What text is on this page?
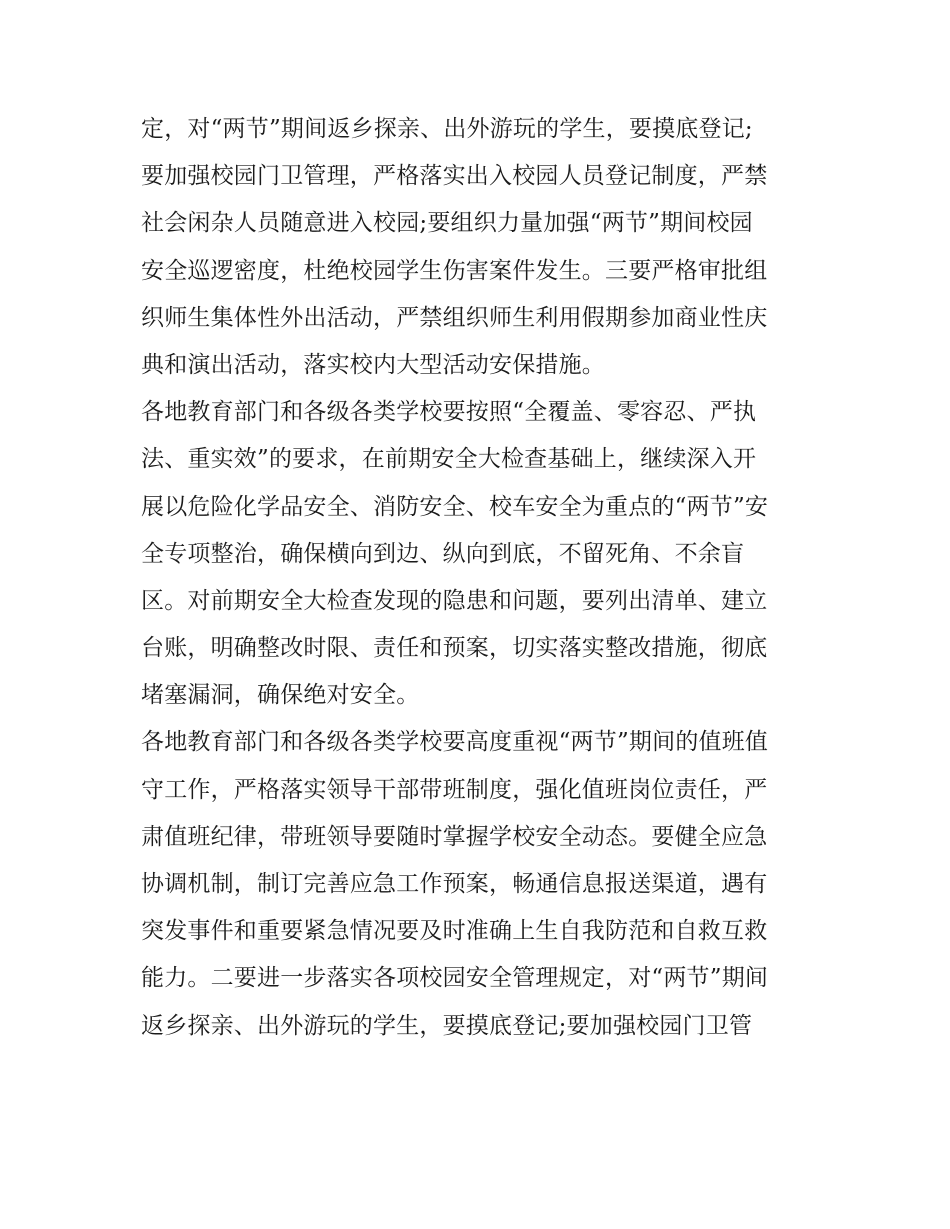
定，对“两节”期间返乡探亲、出外游玩的学生，要摸底登记;
要加强校园门卫管理，严格落实出入校园人员登记制度，严禁
社会闲杂人员随意进入校园;要组织力量加强“两节”期间校园
安全巡逻密度，杜绝校园学生伤害案件发生。三要严格审批组
织师生集体性外出活动，严禁组织师生利用假期参加商业性庆
典和演出活动，落实校内大型活动安保措施。
各地教育部门和各级各类学校要按照“全覆盖、零容忍、严执
法、重实效”的要求，在前期安全大检查基础上，继续深入开
展以危险化学品安全、消防安全、校车安全为重点的“两节”安
全专项整治，确保横向到边、纵向到底，不留死角、不余盲
区。对前期安全大检查发现的隐患和问题，要列出清单、建立
台账，明确整改时限、责任和预案，切实落实整改措施，彻底
堵塞漏洞，确保绝对安全。
各地教育部门和各级各类学校要高度重视“两节”期间的值班值
守工作，严格落实领导干部带班制度，强化值班岗位责任，严
肃值班纪律，带班领导要随时掌握学校安全动态。要健全应急
协调机制，制订完善应急工作预案，畅通信息报送渠道，遇有
突发事件和重要紧急情况要及时准确上生自我防范和自救互救
能力。二要进一步落实各项校园安全管理规定，对“两节”期间
返乡探亲、出外游玩的学生，要摸底登记;要加强校园门卫管
